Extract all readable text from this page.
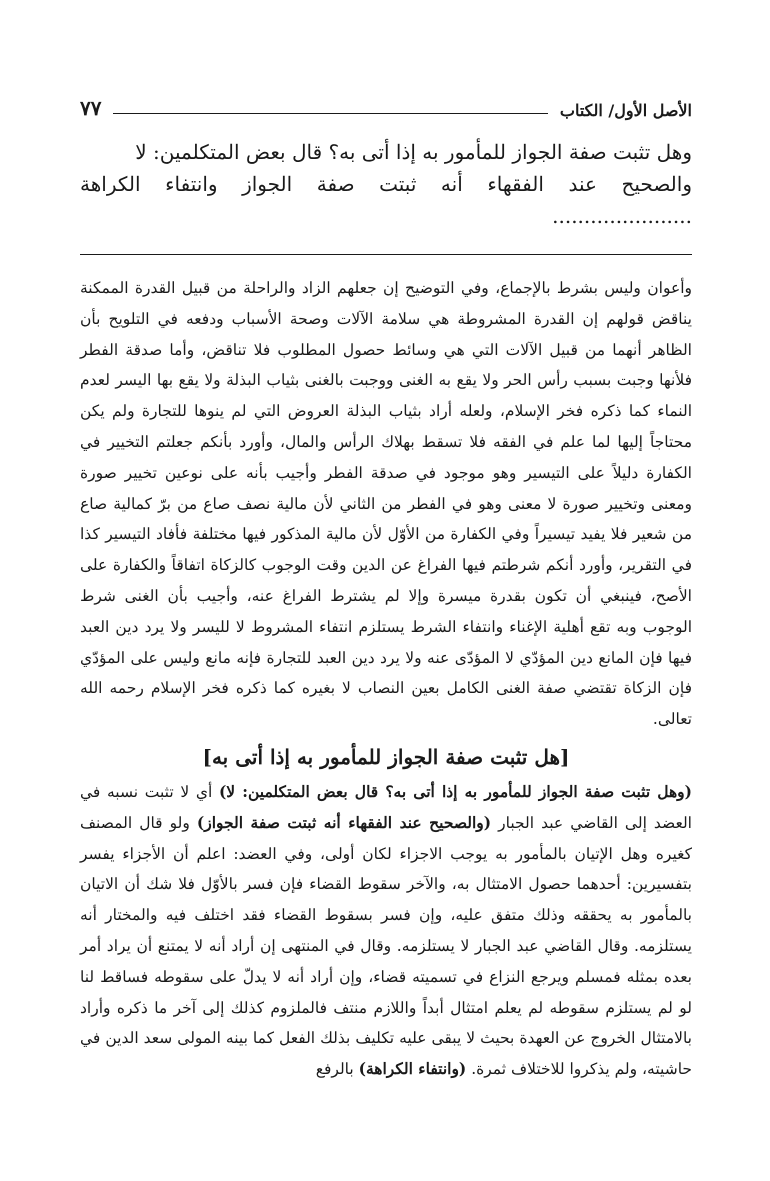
الأصل الأول/ الكتاب
٧٧

وهل تثبت صفة الجواز للمأمور به إذا أتى به؟ قال بعض المتكلمين: لا

والصحيح عند الفقهاء أنه ثبتت صفة الجواز وانتفاء الكراهة ......................

وأعوان وليس بشرط بالإجماع، وفي التوضيح إن جعلهم الزاد والراحلة من قبيل القدرة الممكنة يناقض قولهم إن القدرة المشروطة هي سلامة الآلات وصحة الأسباب ودفعه في التلويح بأن الظاهر أنهما من قبيل الآلات التي هي وسائط حصول المطلوب فلا تناقض، وأما صدقة الفطر فلأنها وجبت بسبب رأس الحر ولا يقع به الغنى ووجبت بالغنى بثياب البذلة ولا يقع بها اليسر لعدم النماء كما ذكره فخر الإسلام، ولعله أراد بثياب البذلة العروض التي لم ينوها للتجارة ولم يكن محتاجاً إليها لما علم في الفقه فلا تسقط بهلاك الرأس والمال، وأورد بأنكم جعلتم التخيير في الكفارة دليلاً على التيسير وهو موجود في صدقة الفطر وأجيب بأنه على نوعين تخيير صورة ومعنى وتخيير صورة لا معنى وهو في الفطر من الثاني لأن مالية نصف صاع من برّ كمالية صاع من شعير فلا يفيد تيسيراً وفي الكفارة من الأوّل لأن مالية المذكور فيها مختلفة فأفاد التيسير كذا في التقرير، وأورد أنكم شرطتم فيها الفراغ عن الدين وقت الوجوب كالزكاة اتفاقاً والكفارة على الأصح، فينبغي أن تكون بقدرة ميسرة وإلا لم يشترط الفراغ عنه، وأجيب بأن الغنى شرط الوجوب وبه تقع أهلية الإغناء وانتفاء الشرط يستلزم انتفاء المشروط لا لليسر ولا يرد دين العبد فيها فإن المانع دين المؤدّي لا المؤدّى عنه ولا يرد دين العبد للتجارة فإنه مانع وليس على المؤدّي فإن الزكاة تقتضي صفة الغنى الكامل بعين النصاب لا بغيره كما ذكره فخر الإسلام رحمه الله تعالى.

[هل تثبت صفة الجواز للمأمور به إذا أتى به]

(وهل تثبت صفة الجواز للمأمور به إذا أتى به؟ قال بعض المتكلمين: لا) أي لا تثبت نسبه في العضد إلى القاضي عبد الجبار (والصحيح عند الفقهاء أنه ثبتت صفة الجواز) ولو قال المصنف كغيره وهل الإتيان بالمأمور به يوجب الاجزاء لكان أولى، وفي العضد: اعلم أن الأجزاء يفسر بتفسيرين: أحدهما حصول الامتثال به، والآخر سقوط القضاء فإن فسر بالأوّل فلا شك أن الاتيان بالمأمور به يحققه وذلك متفق عليه، وإن فسر بسقوط القضاء فقد اختلف فيه والمختار أنه يستلزمه. وقال القاضي عبد الجبار لا يستلزمه. وقال في المنتهى إن أراد أنه لا يمتنع أن يراد أمر بعده بمثله فمسلم ويرجع النزاع في تسميته قضاء، وإن أراد أنه لا يدلّ على سقوطه فساقط لنا لو لم يستلزم سقوطه لم يعلم امتثال أبداً واللازم منتف فالملزوم كذلك إلى آخر ما ذكره وأراد بالامتثال الخروج عن العهدة بحيث لا يبقى عليه تكليف بذلك الفعل كما بينه المولى سعد الدين في حاشيته، ولم يذكروا للاختلاف ثمرة. (وانتفاء الكراهة) بالرفع
